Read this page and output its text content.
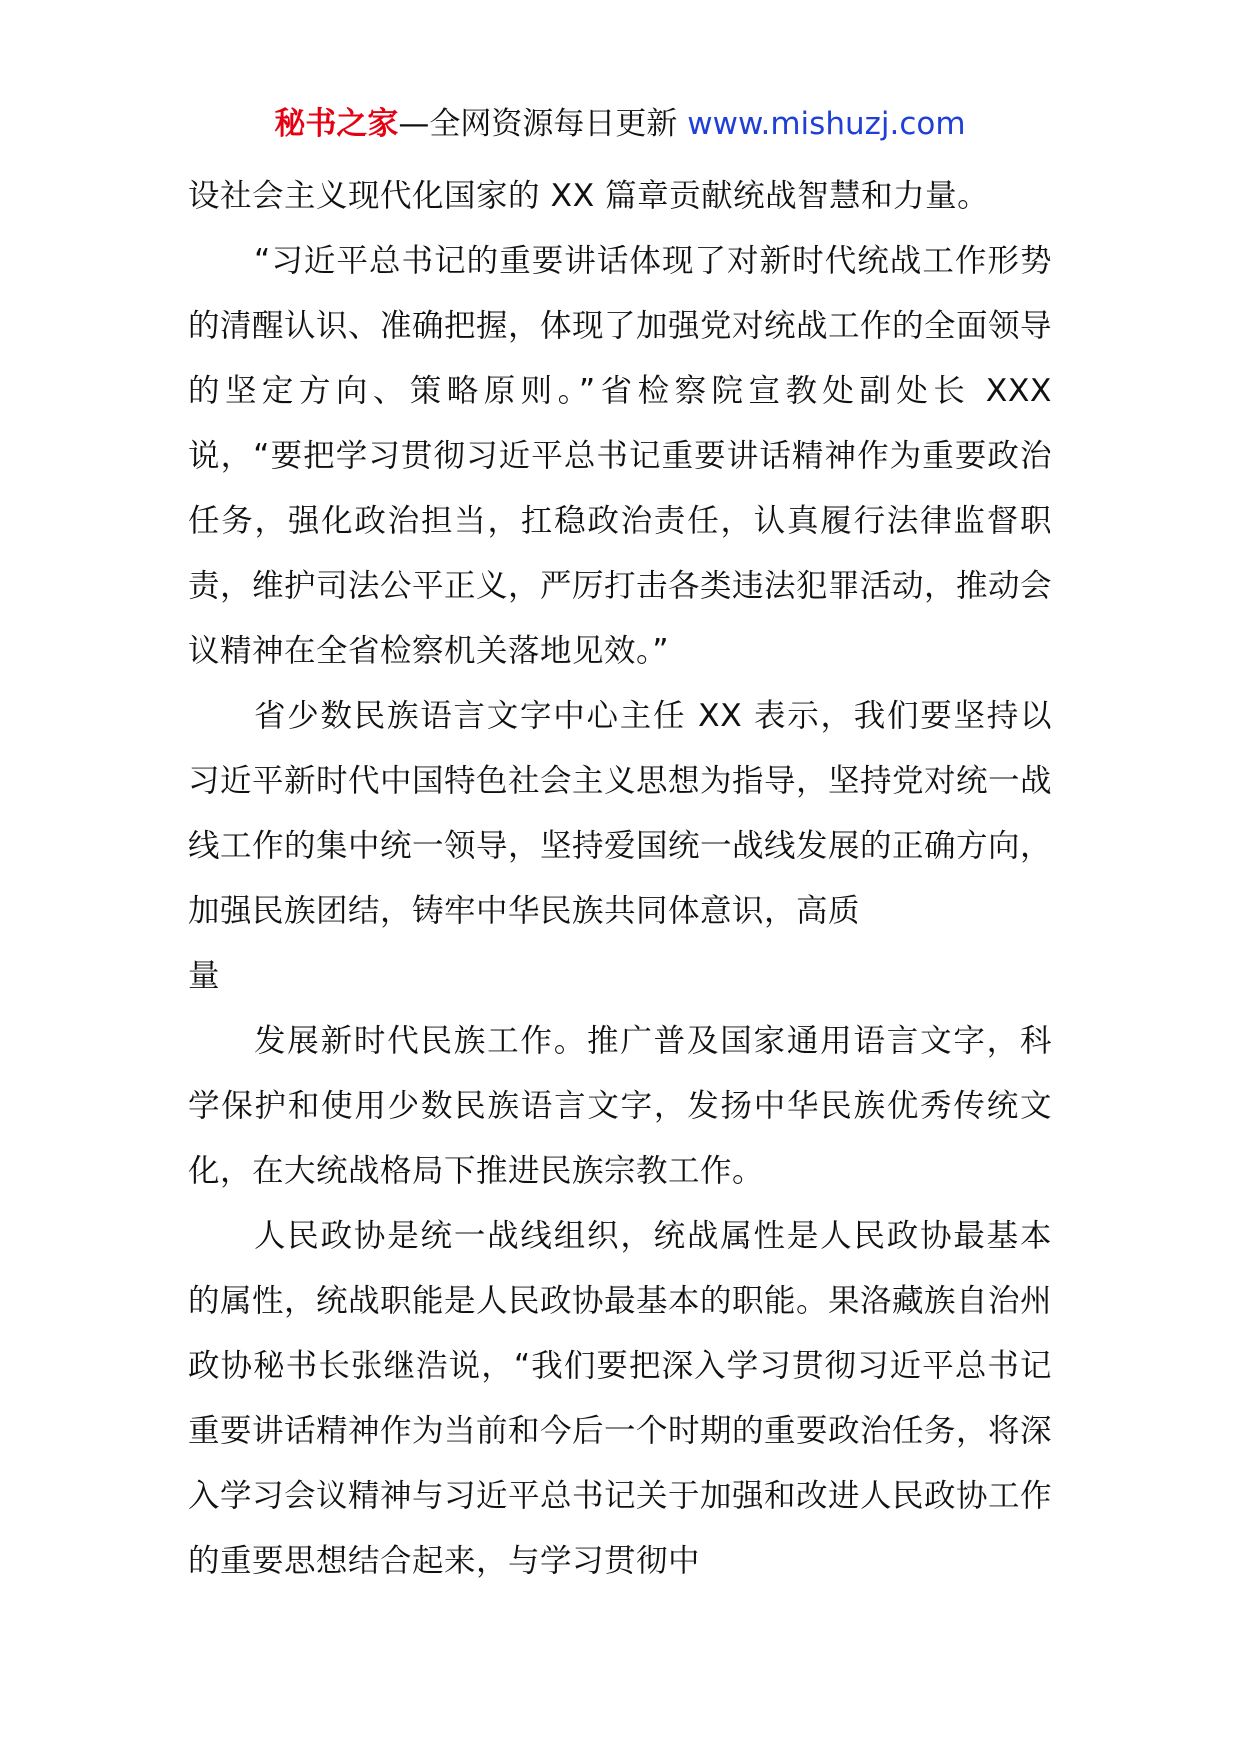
秘书之家—全网资源每日更新 www.mishuzj.com

设社会主义现代化国家的 XX 篇章贡献统战智慧和力量。

“习近平总书记的重要讲话体现了对新时代统战工作形势的清醒认识、准确把握，体现了加强党对统战工作的全面领导的坚定方向、策略原则。”省检察院宣教处副处长 XXX 说，“要把学习贯彻习近平总书记重要讲话精神作为重要政治任务，强化政治担当，扛稳政治责任，认真履行法律监督职责，维护司法公平正义，严厉打击各类违法犯罪活动，推动会议精神在全省检察机关落地见效。”

省少数民族语言文字中心主任 XX 表示，我们要坚持以习近平新时代中国特色社会主义思想为指导，坚持党对统一战线工作的集中统一领导，坚持爱国统一战线发展的正确方向，加强民族团结，铸牢中华民族共同体意识，高质

量

发展新时代民族工作。推广普及国家通用语言文字，科学保护和使用少数民族语言文字，发扬中华民族优秀传统文化，在大统战格局下推进民族宗教工作。

人民政协是统一战线组织，统战属性是人民政协最基本的属性，统战职能是人民政协最基本的职能。果洛藏族自治州政协秘书长张继浩说，“我们要把深入学习贯彻习近平总书记重要讲话精神作为当前和今后一个时期的重要政治任务，将深入学习会议精神与习近平总书记关于加强和改进人民政协工作的重要思想结合起来，与学习贯彻中
